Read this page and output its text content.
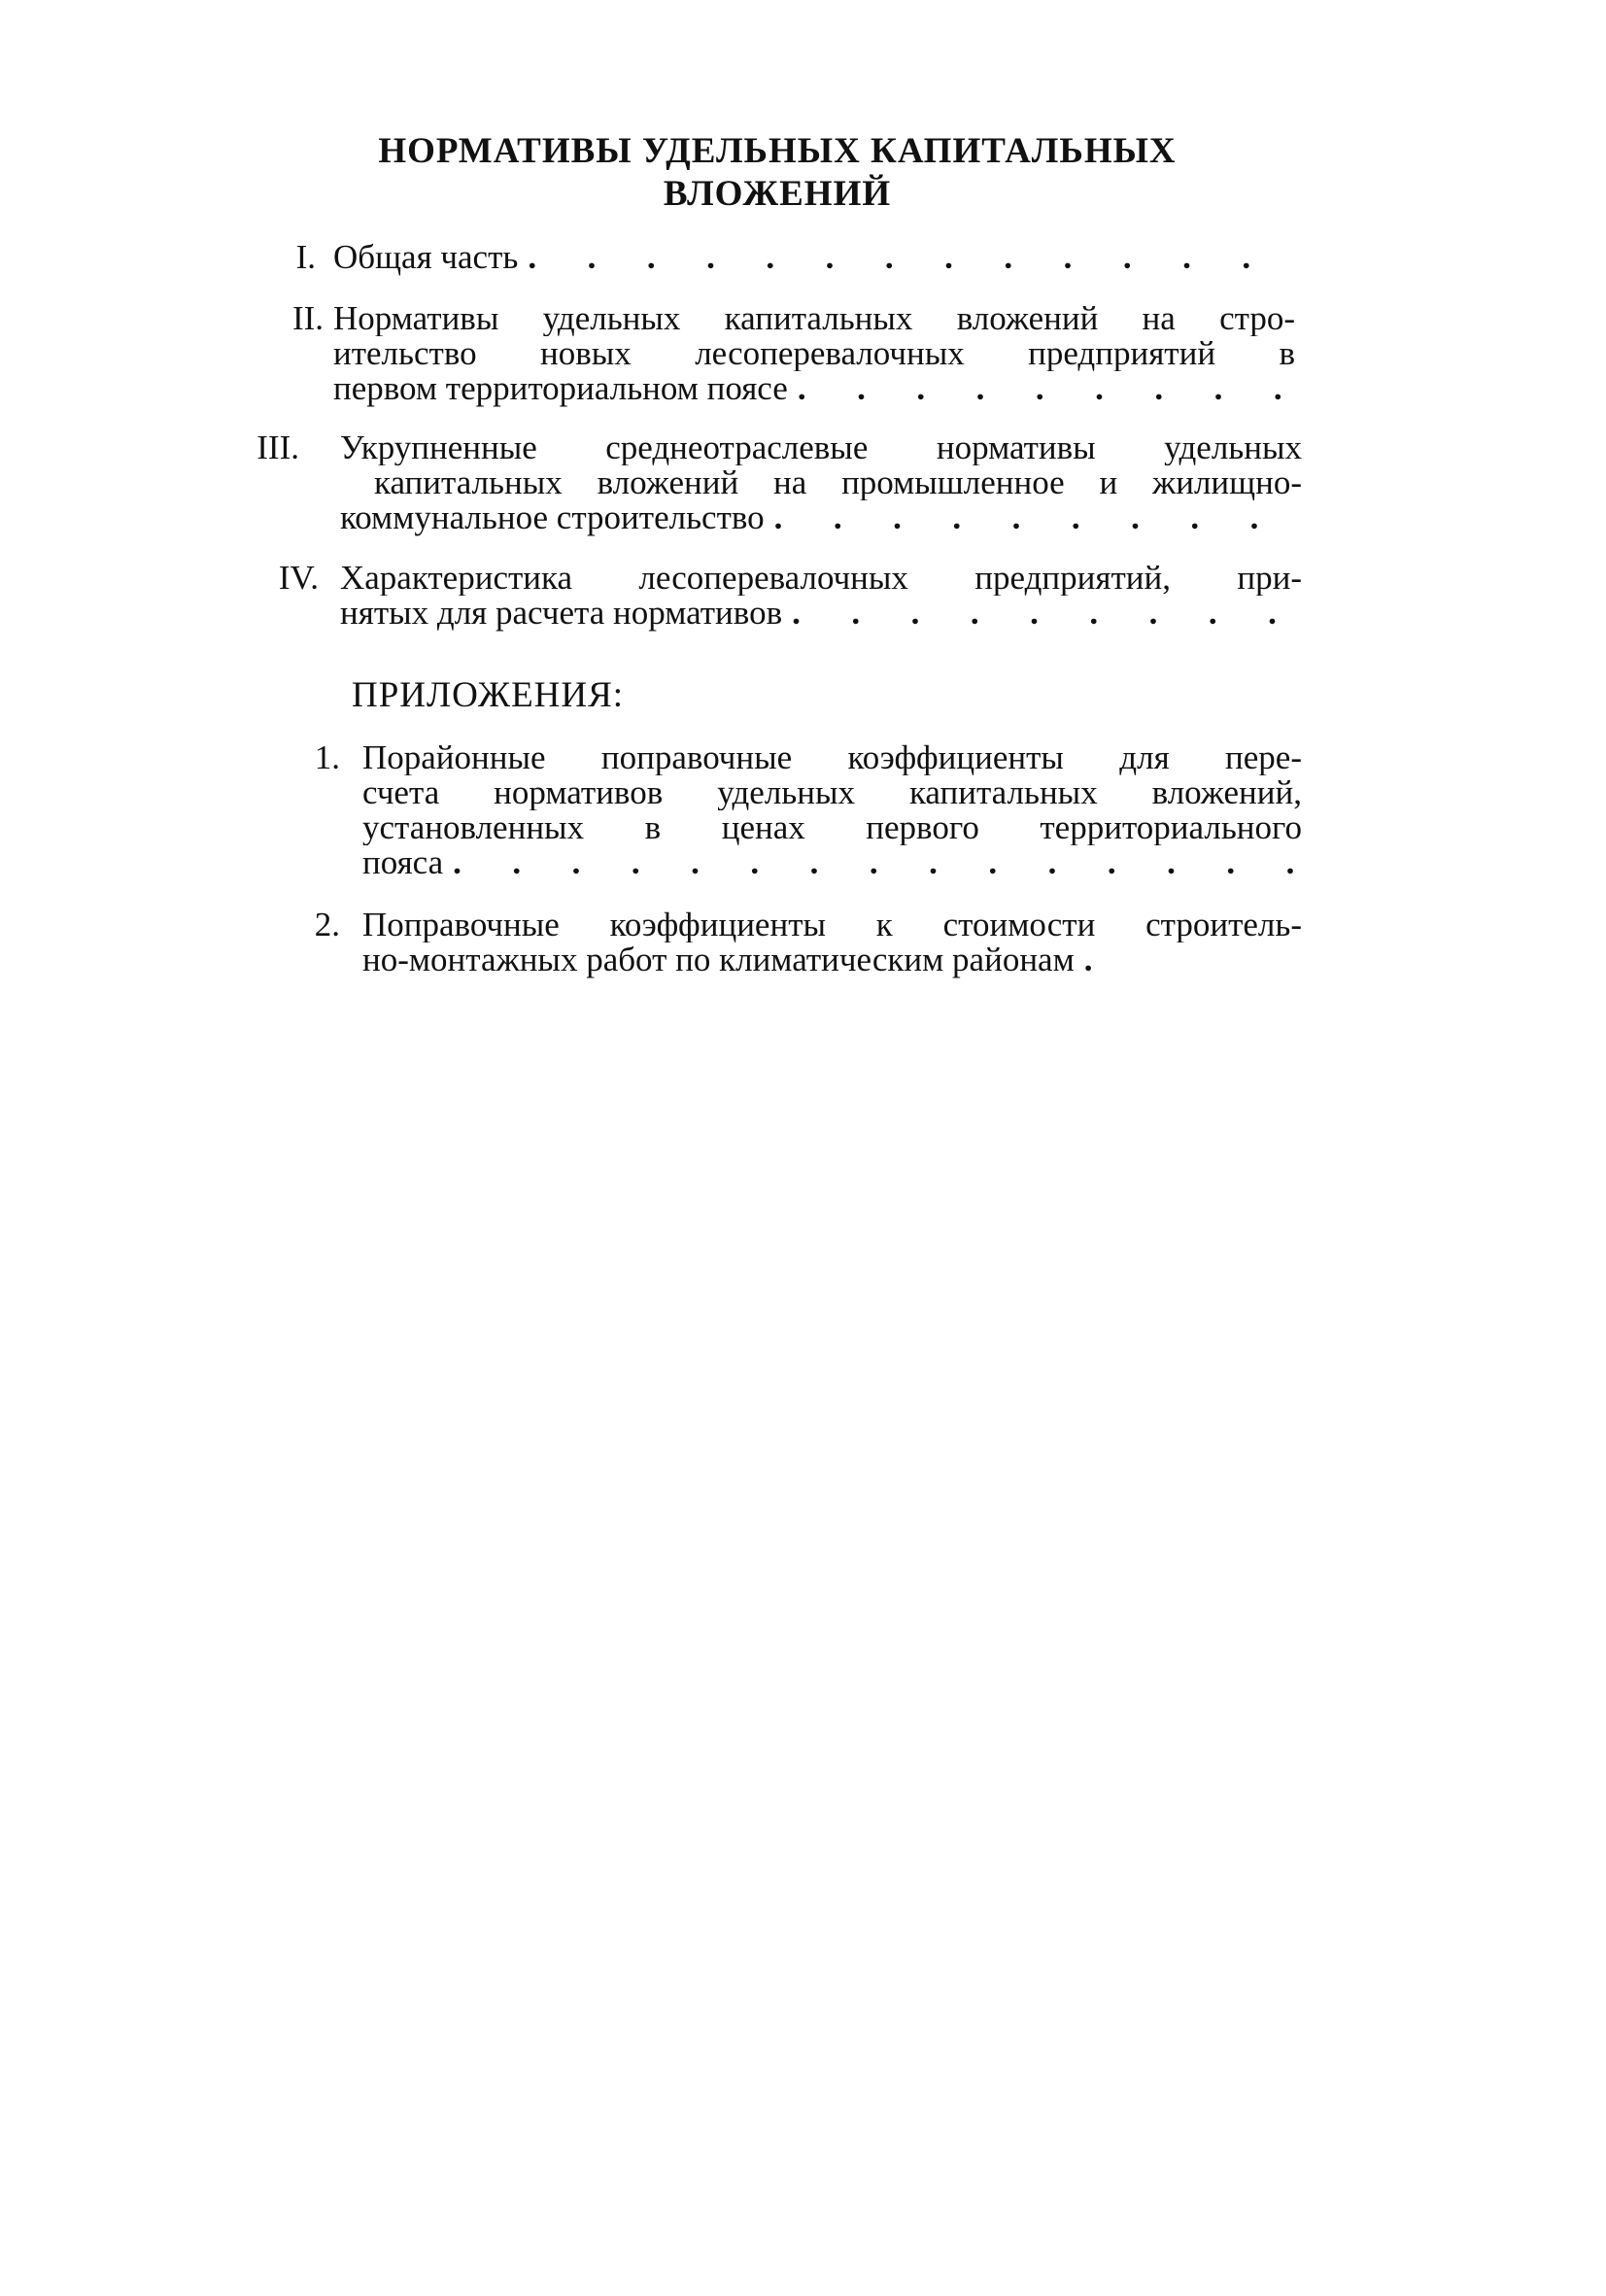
НОРМАТИВЫ УДЕЛЬНЫХ КАПИТАЛЬНЫХ
ВЛОЖЕНИЙ
I. Общая часть
.
II. Нормативы удельных капитальных вложений на стро-
ительство новых лесоперевалочных предприятий в
первом территориальном поясе
.
III. Укрупненные среднеотраслевые нормативы удельных
капитальных вложений на промышленное и жилищно-
коммунальное строительство
.
IV. Характеристика лесоперевалочных предприятий, при-
нятых для расчета нормативов
.
ПРИЛОЖЕНИЯ:
1. Порайонные поправочные коэффициенты для пере-
счета нормативов удельных капитальных вложений,
установленных в ценах первого территориального
пояса
.
2. Поправочные коэффициенты к стоимости строитель-
но-монтажных работ по климатическим районам
.
